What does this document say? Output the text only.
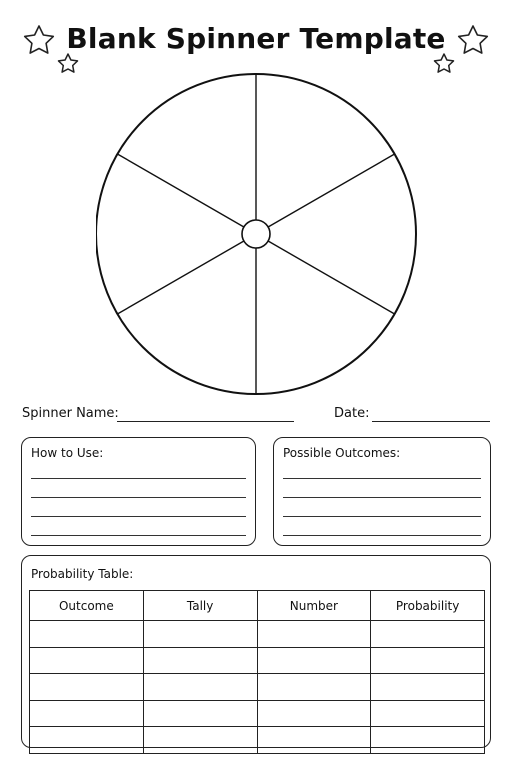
Blank Spinner Template
Spinner Name:	Date:
How to Use:	Possible Outcomes:
Probability Table:
Outcome	Tally	Number	Probability
